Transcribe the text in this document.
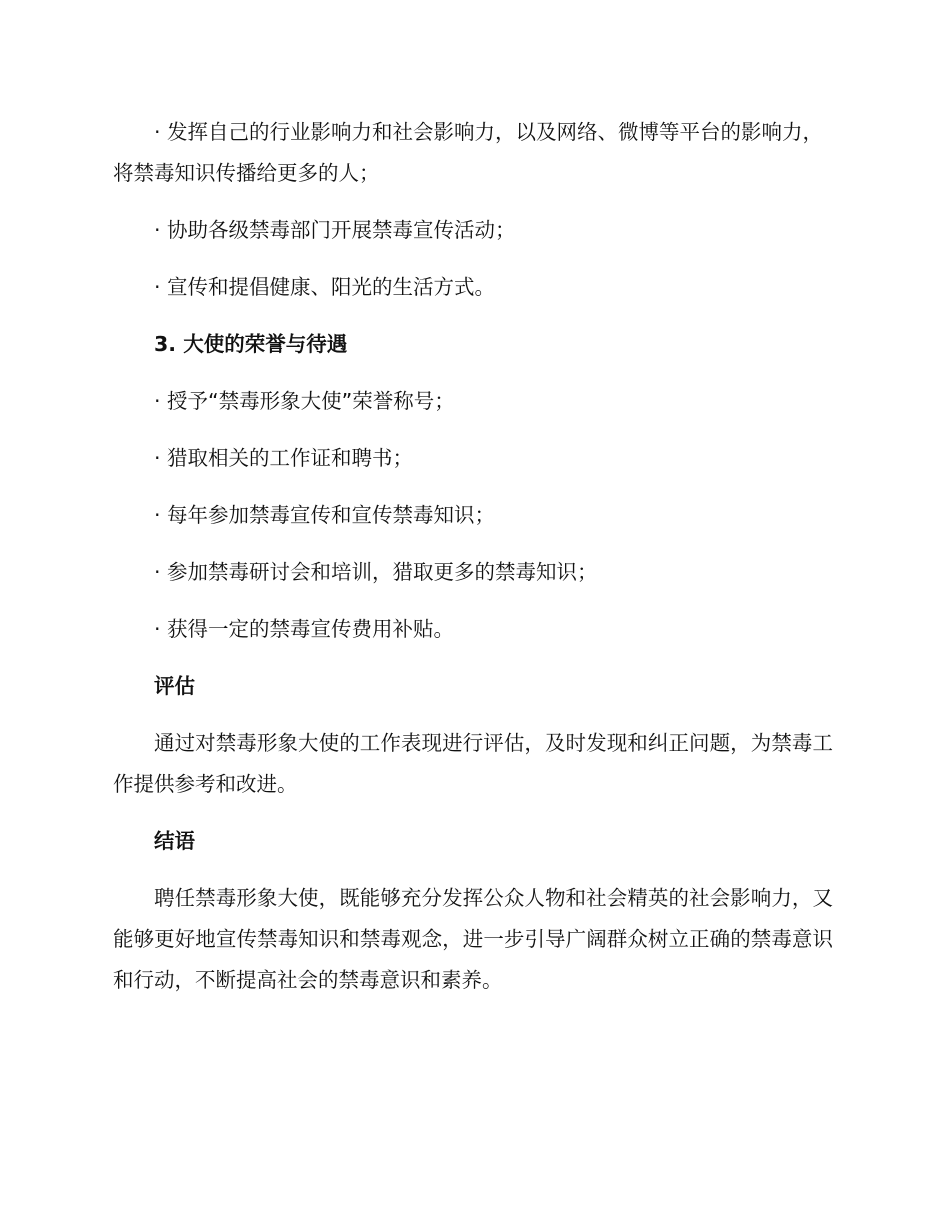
· 发挥自己的行业影响力和社会影响力，以及网络、微博等平台的影响力，将禁毒知识传播给更多的人；

· 协助各级禁毒部门开展禁毒宣传活动；

· 宣传和提倡健康、阳光的生活方式。

3. 大使的荣誉与待遇

· 授予“禁毒形象大使”荣誉称号；

· 猎取相关的工作证和聘书；

· 每年参加禁毒宣传和宣传禁毒知识；

· 参加禁毒研讨会和培训，猎取更多的禁毒知识；

· 获得一定的禁毒宣传费用补贴。

评估

通过对禁毒形象大使的工作表现进行评估，及时发现和纠正问题，为禁毒工作提供参考和改进。

结语

聘任禁毒形象大使，既能够充分发挥公众人物和社会精英的社会影响力，又能够更好地宣传禁毒知识和禁毒观念，进一步引导广阔群众树立正确的禁毒意识和行动，不断提高社会的禁毒意识和素养。
